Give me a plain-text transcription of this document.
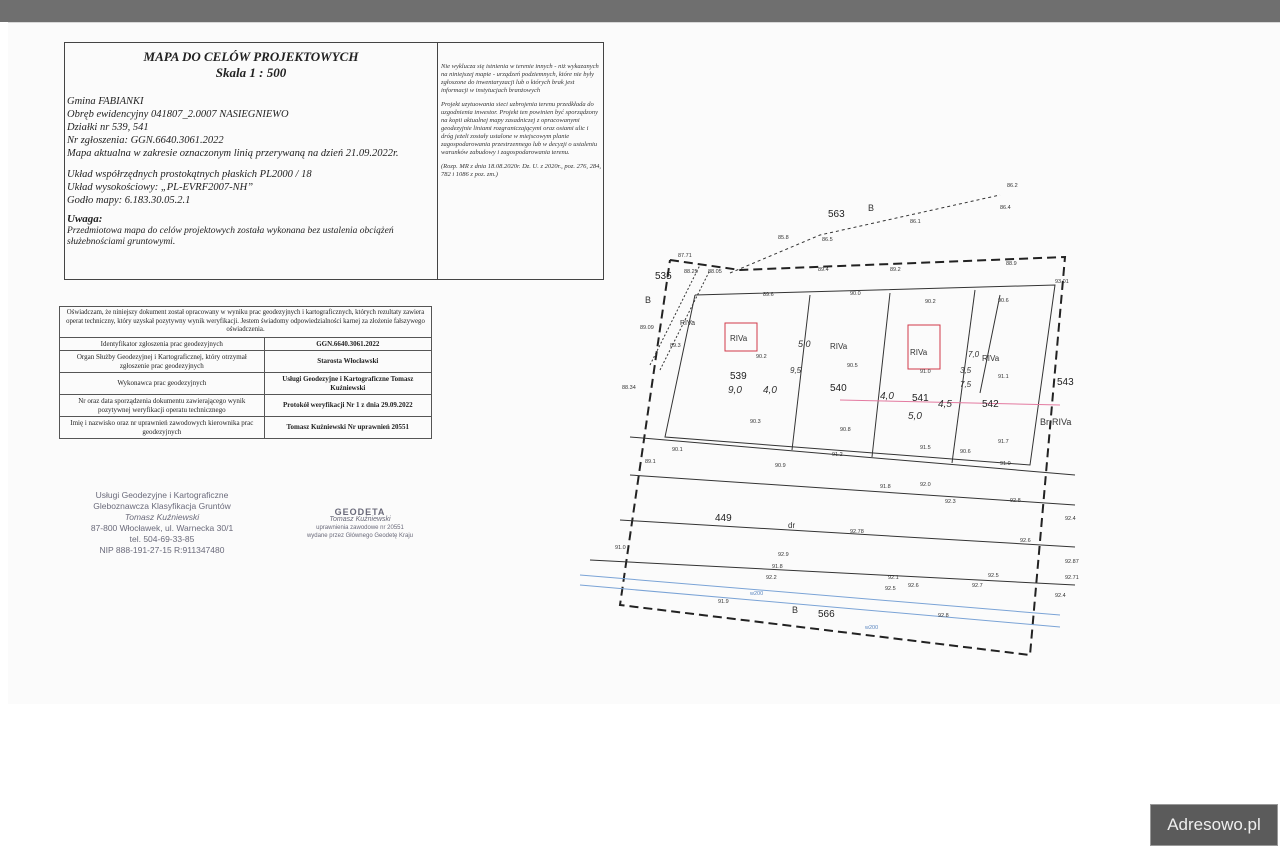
MAPA DO CELÓW PROJEKTOWYCH
Skala 1 : 500
Gmina FABIANKI
Obręb ewidencyjny 041807_2.0007 NASIEGNIEWO
Działki nr 539, 541
Nr zgłoszenia: GGN.6640.3061.2022
Mapa aktualna w zakresie oznaczonym linią przerywaną na dzień 21.09.2022r.
Układ współrzędnych prostokątnych płaskich PL2000 / 18
Układ wysokościowy: „PL-EVRF2007-NH”
Godło mapy: 6.183.30.05.2.1
Uwaga:
Przedmiotowa mapa do celów projektowych została wykonana bez ustalenia obciążeń służebnościami gruntowymi.

Nie wyklucza się istnienia w terenie innych - niż wykazanych na niniejszej mapie - urządzeń podziemnych, które nie były zgłoszone do inwentaryzacji lub o których brak jest informacji w instytucjach branżowych

Projekt uzytuowania sieci uzbrojenia terenu przedkłada do uzgodnienia inwestor. Projekt ten powinien być sporządzony na kopii aktualnej mapy zasadniczej z opracowanymi geodezyjnie liniami rozgraniczającymi oraz osiami ulic i dróg jeżeli zostały ustalone w miejscowym planie zagospodarowania przestrzennego lub w decyzji o ustaleniu warunków zabudowy i zagospodarowania terenu.

(Rozp. MR z dnia 18.08.2020r. Dz. U. z 2020r., poz. 276, 284, 782 i 1086 z poz. zm.)

Oświadczam, że niniejszy dokument został opracowany w wyniku prac geodezyjnych i kartograficznych, których rezultaty zawiera operat techniczny, który uzyskał pozytywny wynik weryfikacji. Jestem świadomy odpowiedzialności karnej za złożenie fałszywego oświadczenia.	
Identyfikator zgłoszenia prac geodezyjnych	GGN.6640.3061.2022
Organ Służby Geodezyjnej i Kartograficznej, który otrzymał zgłoszenie prac geodezyjnych	Starosta Włocławski
Wykonawca prac geodezyjnych	Usługi Geodezyjne i Kartograficzne Tomasz Kuźniewski
Nr oraz data sporządzenia dokumentu zawierającego wynik pozytywnej weryfikacji operatu technicznego	Protokół weryfikacji Nr 1 z dnia 29.09.2022
Imię i nazwisko oraz nr uprawnień zawodowych kierownika prac geodezyjnych	Tomasz Kuźniewski Nr uprawnień 20551
Usługi Geodezyjne i Kartograficzne
Gleboznawcza Klasyfikacja Gruntów
Tomasz Kuźniewski
87-800 Włocławek, ul. Warnecka 30/1
tel. 504-69-33-85
NIP 888-191-27-15 R:911347480
GEODETA
Tomasz Kuźniewski
uprawnienia zawodowe nr 20551
wydane przez Głównego Geodetę Kraju
563
535
539
540
541
542
543
449
566
B
B
B
RIVa
RIVa
RIVa
RIVa
RIVa
Br-RIVa
dr
9,0 4,0
5,0
4,0
4,5
5,0
7,5
9,5
7,0
3,5
86.2
86.1
86.4
85.8	86.5
88.9
89.2
89.4
88.25 88.05
89.6	90.0
90.2	90.6
90.2
90.5
91.0
91.1
90.3
90.8
91.5
91.7
90.1
90.9
91.2
91.8	92.0
92.3	92.8
92.4
92.6
92.78
92.9
92.87
92.71
92.4
91.8
92.2	92.1	92.5
92.6
92.8
92.7
92.5
91.9
91.0
87.71
88.34
89.09
89.1
89.3
90.6
91.0
93.01
w200
w200
Adresowo.pl
